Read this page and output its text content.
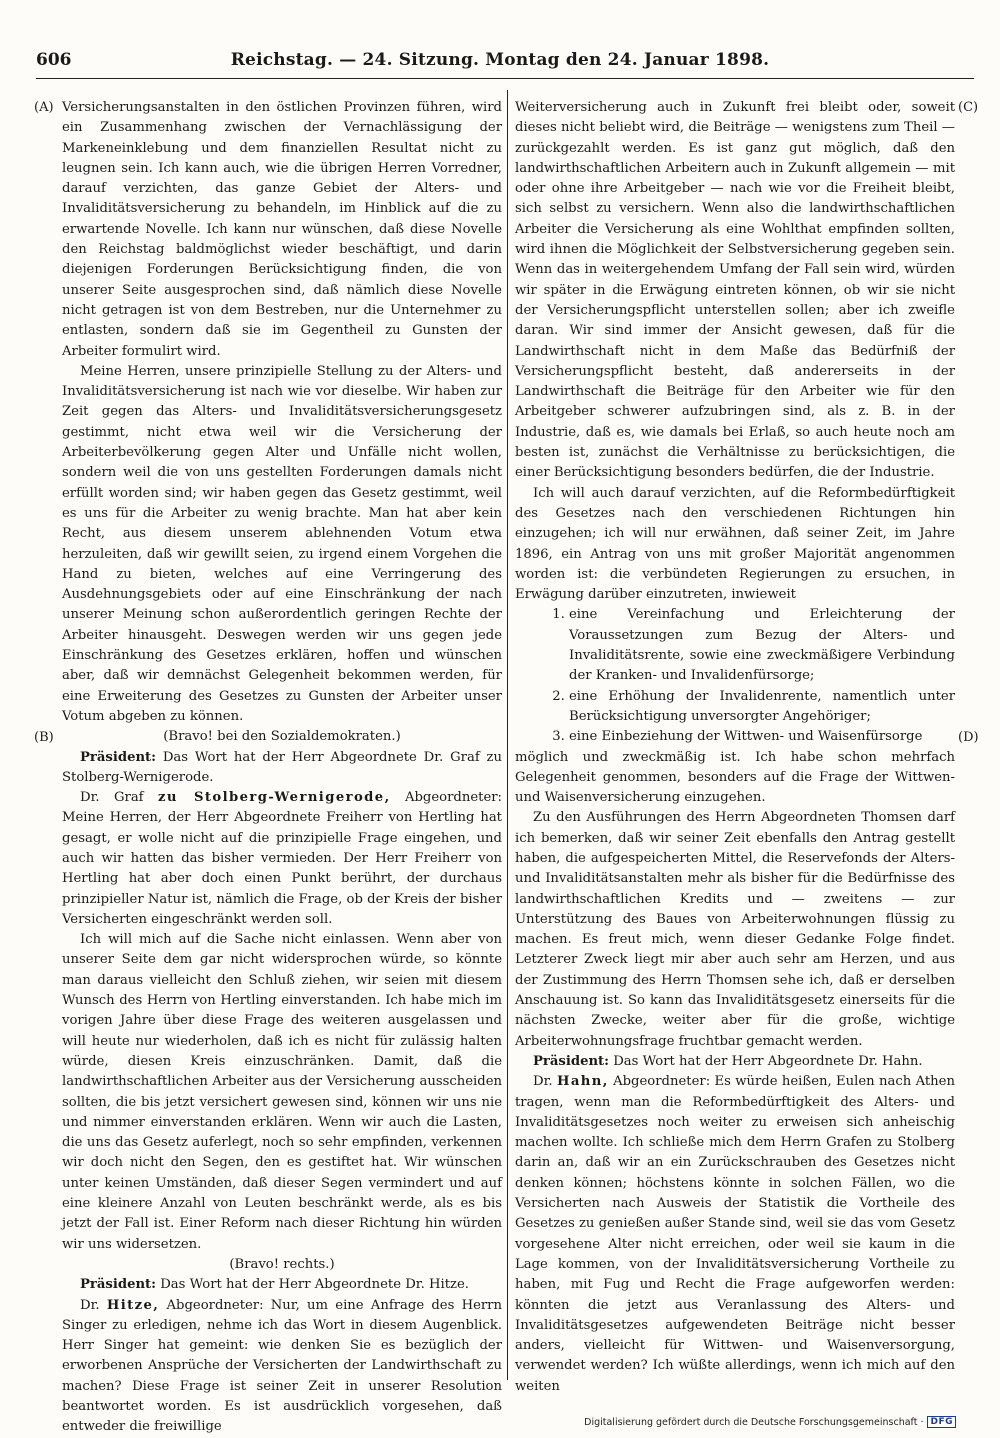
606	Reichstag. — 24. Sitzung. Montag den 24. Januar 1898.
(A)
(B)
(C)
(D)

Versicherungsanstalten in den östlichen Provinzen führen, wird ein Zusammenhang zwischen der Vernachlässigung der Markeneinklebung und dem finanziellen Resultat nicht zu leugnen sein. Ich kann auch, wie die übrigen Herren Vorredner, darauf verzichten, das ganze Gebiet der Alters- und Invaliditätsversicherung zu behandeln, im Hinblick auf die zu erwartende Novelle. Ich kann nur wünschen, daß diese Novelle den Reichstag baldmöglichst wieder beschäftigt, und darin diejenigen Forderungen Berücksichtigung finden, die von unserer Seite ausgesprochen sind, daß nämlich diese Novelle nicht getragen ist von dem Bestreben, nur die Unternehmer zu entlasten, sondern daß sie im Gegentheil zu Gunsten der Arbeiter formulirt wird.

Meine Herren, unsere prinzipielle Stellung zu der Alters- und Invaliditätsversicherung ist nach wie vor dieselbe. Wir haben zur Zeit gegen das Alters- und Invaliditätsversicherungsgesetz gestimmt, nicht etwa weil wir die Versicherung der Arbeiterbevölkerung gegen Alter und Unfälle nicht wollen, sondern weil die von uns gestellten Forderungen damals nicht erfüllt worden sind; wir haben gegen das Gesetz gestimmt, weil es uns für die Arbeiter zu wenig brachte. Man hat aber kein Recht, aus diesem unserem ablehnenden Votum etwa herzuleiten, daß wir gewillt seien, zu irgend einem Vorgehen die Hand zu bieten, welches auf eine Verringerung des Ausdehnungsgebiets oder auf eine Einschränkung der nach unserer Meinung schon außerordentlich geringen Rechte der Arbeiter hinausgeht. Deswegen werden wir uns gegen jede Einschränkung des Gesetzes erklären, hoffen und wünschen aber, daß wir demnächst Gelegenheit bekommen werden, für eine Erweiterung des Gesetzes zu Gunsten der Arbeiter unser Votum abgeben zu können.

(Bravo! bei den Sozialdemokraten.)

Präsident: Das Wort hat der Herr Abgeordnete Dr. Graf zu Stolberg-Wernigerode.

Dr. Graf zu Stolberg-Wernigerode, Abgeordneter: Meine Herren, der Herr Abgeordnete Freiherr von Hertling hat gesagt, er wolle nicht auf die prinzipielle Frage eingehen, und auch wir hatten das bisher vermieden. Der Herr Freiherr von Hertling hat aber doch einen Punkt berührt, der durchaus prinzipieller Natur ist, nämlich die Frage, ob der Kreis der bisher Versicherten eingeschränkt werden soll.

Ich will mich auf die Sache nicht einlassen. Wenn aber von unserer Seite dem gar nicht widersprochen würde, so könnte man daraus vielleicht den Schluß ziehen, wir seien mit diesem Wunsch des Herrn von Hertling einverstanden. Ich habe mich im vorigen Jahre über diese Frage des weiteren ausgelassen und will heute nur wiederholen, daß ich es nicht für zulässig halten würde, diesen Kreis einzuschränken. Damit, daß die landwirthschaftlichen Arbeiter aus der Versicherung ausscheiden sollten, die bis jetzt versichert gewesen sind, können wir uns nie und nimmer einverstanden erklären. Wenn wir auch die Lasten, die uns das Gesetz auferlegt, noch so sehr empfinden, verkennen wir doch nicht den Segen, den es gestiftet hat. Wir wünschen unter keinen Umständen, daß dieser Segen vermindert und auf eine kleinere Anzahl von Leuten beschränkt werde, als es bis jetzt der Fall ist. Einer Reform nach dieser Richtung hin würden wir uns widersetzen.

(Bravo! rechts.)

Präsident: Das Wort hat der Herr Abgeordnete Dr. Hitze.

Dr. Hitze, Abgeordneter: Nur, um eine Anfrage des Herrn Singer zu erledigen, nehme ich das Wort in diesem Augenblick. Herr Singer hat gemeint: wie denken Sie es bezüglich der erworbenen Ansprüche der Versicherten der Landwirthschaft zu machen? Diese Frage ist seiner Zeit in unserer Resolution beantwortet worden. Es ist ausdrücklich vorgesehen, daß entweder die freiwillige

Weiterversicherung auch in Zukunft frei bleibt oder, soweit dieses nicht beliebt wird, die Beiträge — wenigstens zum Theil — zurückgezahlt werden. Es ist ganz gut möglich, daß den landwirthschaftlichen Arbeitern auch in Zukunft allgemein — mit oder ohne ihre Arbeitgeber — nach wie vor die Freiheit bleibt, sich selbst zu versichern. Wenn also die landwirthschaftlichen Arbeiter die Versicherung als eine Wohlthat empfinden sollten, wird ihnen die Möglichkeit der Selbstversicherung gegeben sein. Wenn das in weitergehendem Umfang der Fall sein wird, würden wir später in die Erwägung eintreten können, ob wir sie nicht der Versicherungspflicht unterstellen sollen; aber ich zweifle daran. Wir sind immer der Ansicht gewesen, daß für die Landwirthschaft nicht in dem Maße das Bedürfniß der Versicherungspflicht besteht, daß andererseits in der Landwirthschaft die Beiträge für den Arbeiter wie für den Arbeitgeber schwerer aufzubringen sind, als z. B. in der Industrie, daß es, wie damals bei Erlaß, so auch heute noch am besten ist, zunächst die Verhältnisse zu berücksichtigen, die einer Berücksichtigung besonders bedürfen, die der Industrie.

Ich will auch darauf verzichten, auf die Reformbedürftigkeit des Gesetzes nach den verschiedenen Richtungen hin einzugehen; ich will nur erwähnen, daß seiner Zeit, im Jahre 1896, ein Antrag von uns mit großer Majorität angenommen worden ist: die verbündeten Regierungen zu ersuchen, in Erwägung darüber einzutreten, inwieweit

1. eine Vereinfachung und Erleichterung der Voraussetzungen zum Bezug der Alters- und Invaliditätsrente, sowie eine zweckmäßigere Verbindung der Kranken- und Invalidenfürsorge;
2. eine Erhöhung der Invalidenrente, namentlich unter Berücksichtigung unversorgter Angehöriger;
3. eine Einbeziehung der Wittwen- und Waisenfürsorge

möglich und zweckmäßig ist. Ich habe schon mehrfach Gelegenheit genommen, besonders auf die Frage der Wittwen- und Waisenversicherung einzugehen.

Zu den Ausführungen des Herrn Abgeordneten Thomsen darf ich bemerken, daß wir seiner Zeit ebenfalls den Antrag gestellt haben, die aufgespeicherten Mittel, die Reservefonds der Alters- und Invaliditätsanstalten mehr als bisher für die Bedürfnisse des landwirthschaftlichen Kredits und — zweitens — zur Unterstützung des Baues von Arbeiterwohnungen flüssig zu machen. Es freut mich, wenn dieser Gedanke Folge findet. Letzterer Zweck liegt mir aber auch sehr am Herzen, und aus der Zustimmung des Herrn Thomsen sehe ich, daß er derselben Anschauung ist. So kann das Invaliditätsgesetz einerseits für die nächsten Zwecke, weiter aber für die große, wichtige Arbeiterwohnungsfrage fruchtbar gemacht werden.

Präsident: Das Wort hat der Herr Abgeordnete Dr. Hahn.

Dr. Hahn, Abgeordneter: Es würde heißen, Eulen nach Athen tragen, wenn man die Reformbedürftigkeit des Alters- und Invaliditätsgesetzes noch weiter zu erweisen sich anheischig machen wollte. Ich schließe mich dem Herrn Grafen zu Stolberg darin an, daß wir an ein Zurückschrauben des Gesetzes nicht denken können; höchstens könnte in solchen Fällen, wo die Versicherten nach Ausweis der Statistik die Vortheile des Gesetzes zu genießen außer Stande sind, weil sie das vom Gesetz vorgesehene Alter nicht erreichen, oder weil sie kaum in die Lage kommen, von der Invaliditätsversicherung Vortheile zu haben, mit Fug und Recht die Frage aufgeworfen werden: könnten die jetzt aus Veranlassung des Alters- und Invaliditätsgesetzes aufgewendeten Beiträge nicht besser anders, vielleicht für Wittwen- und Waisenversorgung, verwendet werden? Ich wüßte allerdings, wenn ich mich auf den weiten

Digitalisierung gefördert durch die Deutsche Forschungsgemeinschaft · DFG
